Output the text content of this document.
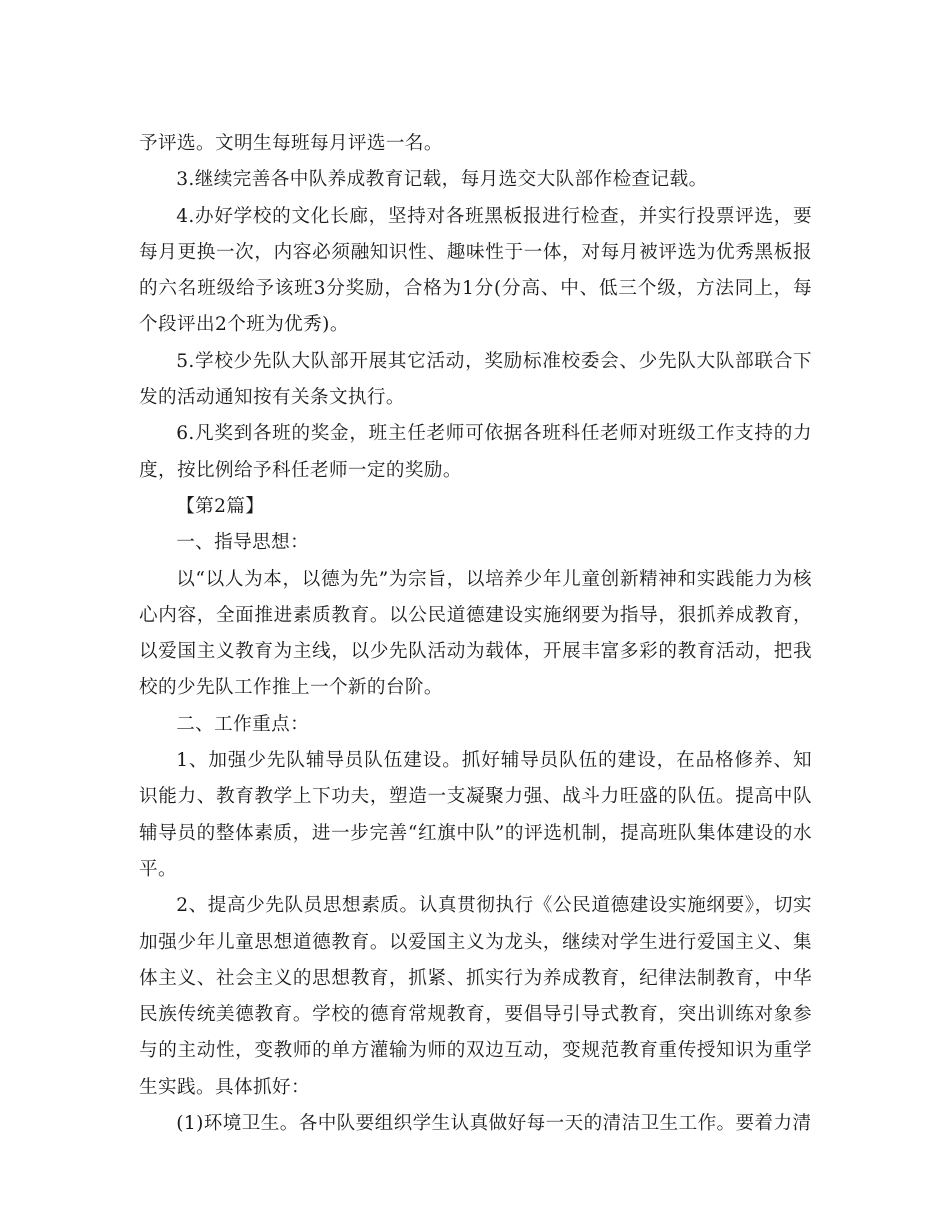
予评选。文明生每班每月评选一名。

3.继续完善各中队养成教育记载，每月选交大队部作检查记载。

4.办好学校的文化长廊，坚持对各班黑板报进行检查，并实行投票评选，要每月更换一次，内容必须融知识性、趣味性于一体，对每月被评选为优秀黑板报的六名班级给予该班3分奖励，合格为1分(分高、中、低三个级，方法同上，每个段评出2个班为优秀)。

5.学校少先队大队部开展其它活动，奖励标准校委会、少先队大队部联合下发的活动通知按有关条文执行。

6.凡奖到各班的奖金，班主任老师可依据各班科任老师对班级工作支持的力度，按比例给予科任老师一定的奖励。

【第2篇】

一、指导思想：

以“以人为本，以德为先”为宗旨，以培养少年儿童创新精神和实践能力为核心内容，全面推进素质教育。以公民道德建设实施纲要为指导，狠抓养成教育，以爱国主义教育为主线，以少先队活动为载体，开展丰富多彩的教育活动，把我校的少先队工作推上一个新的台阶。

二、工作重点：

1、加强少先队辅导员队伍建设。抓好辅导员队伍的建设，在品格修养、知识能力、教育教学上下功夫，塑造一支凝聚力强、战斗力旺盛的队伍。提高中队辅导员的整体素质，进一步完善“红旗中队”的评选机制，提高班队集体建设的水平。

2、提高少先队员思想素质。认真贯彻执行《公民道德建设实施纲要》，切实加强少年儿童思想道德教育。以爱国主义为龙头，继续对学生进行爱国主义、集体主义、社会主义的思想教育，抓紧、抓实行为养成教育，纪律法制教育，中华民族传统美德教育。学校的德育常规教育，要倡导引导式教育，突出训练对象参与的主动性，变教师的单方灌输为师的双边互动，变规范教育重传授知识为重学生实践。具体抓好：

(1)环境卫生。各中队要组织学生认真做好每一天的清洁卫生工作。要着力清
